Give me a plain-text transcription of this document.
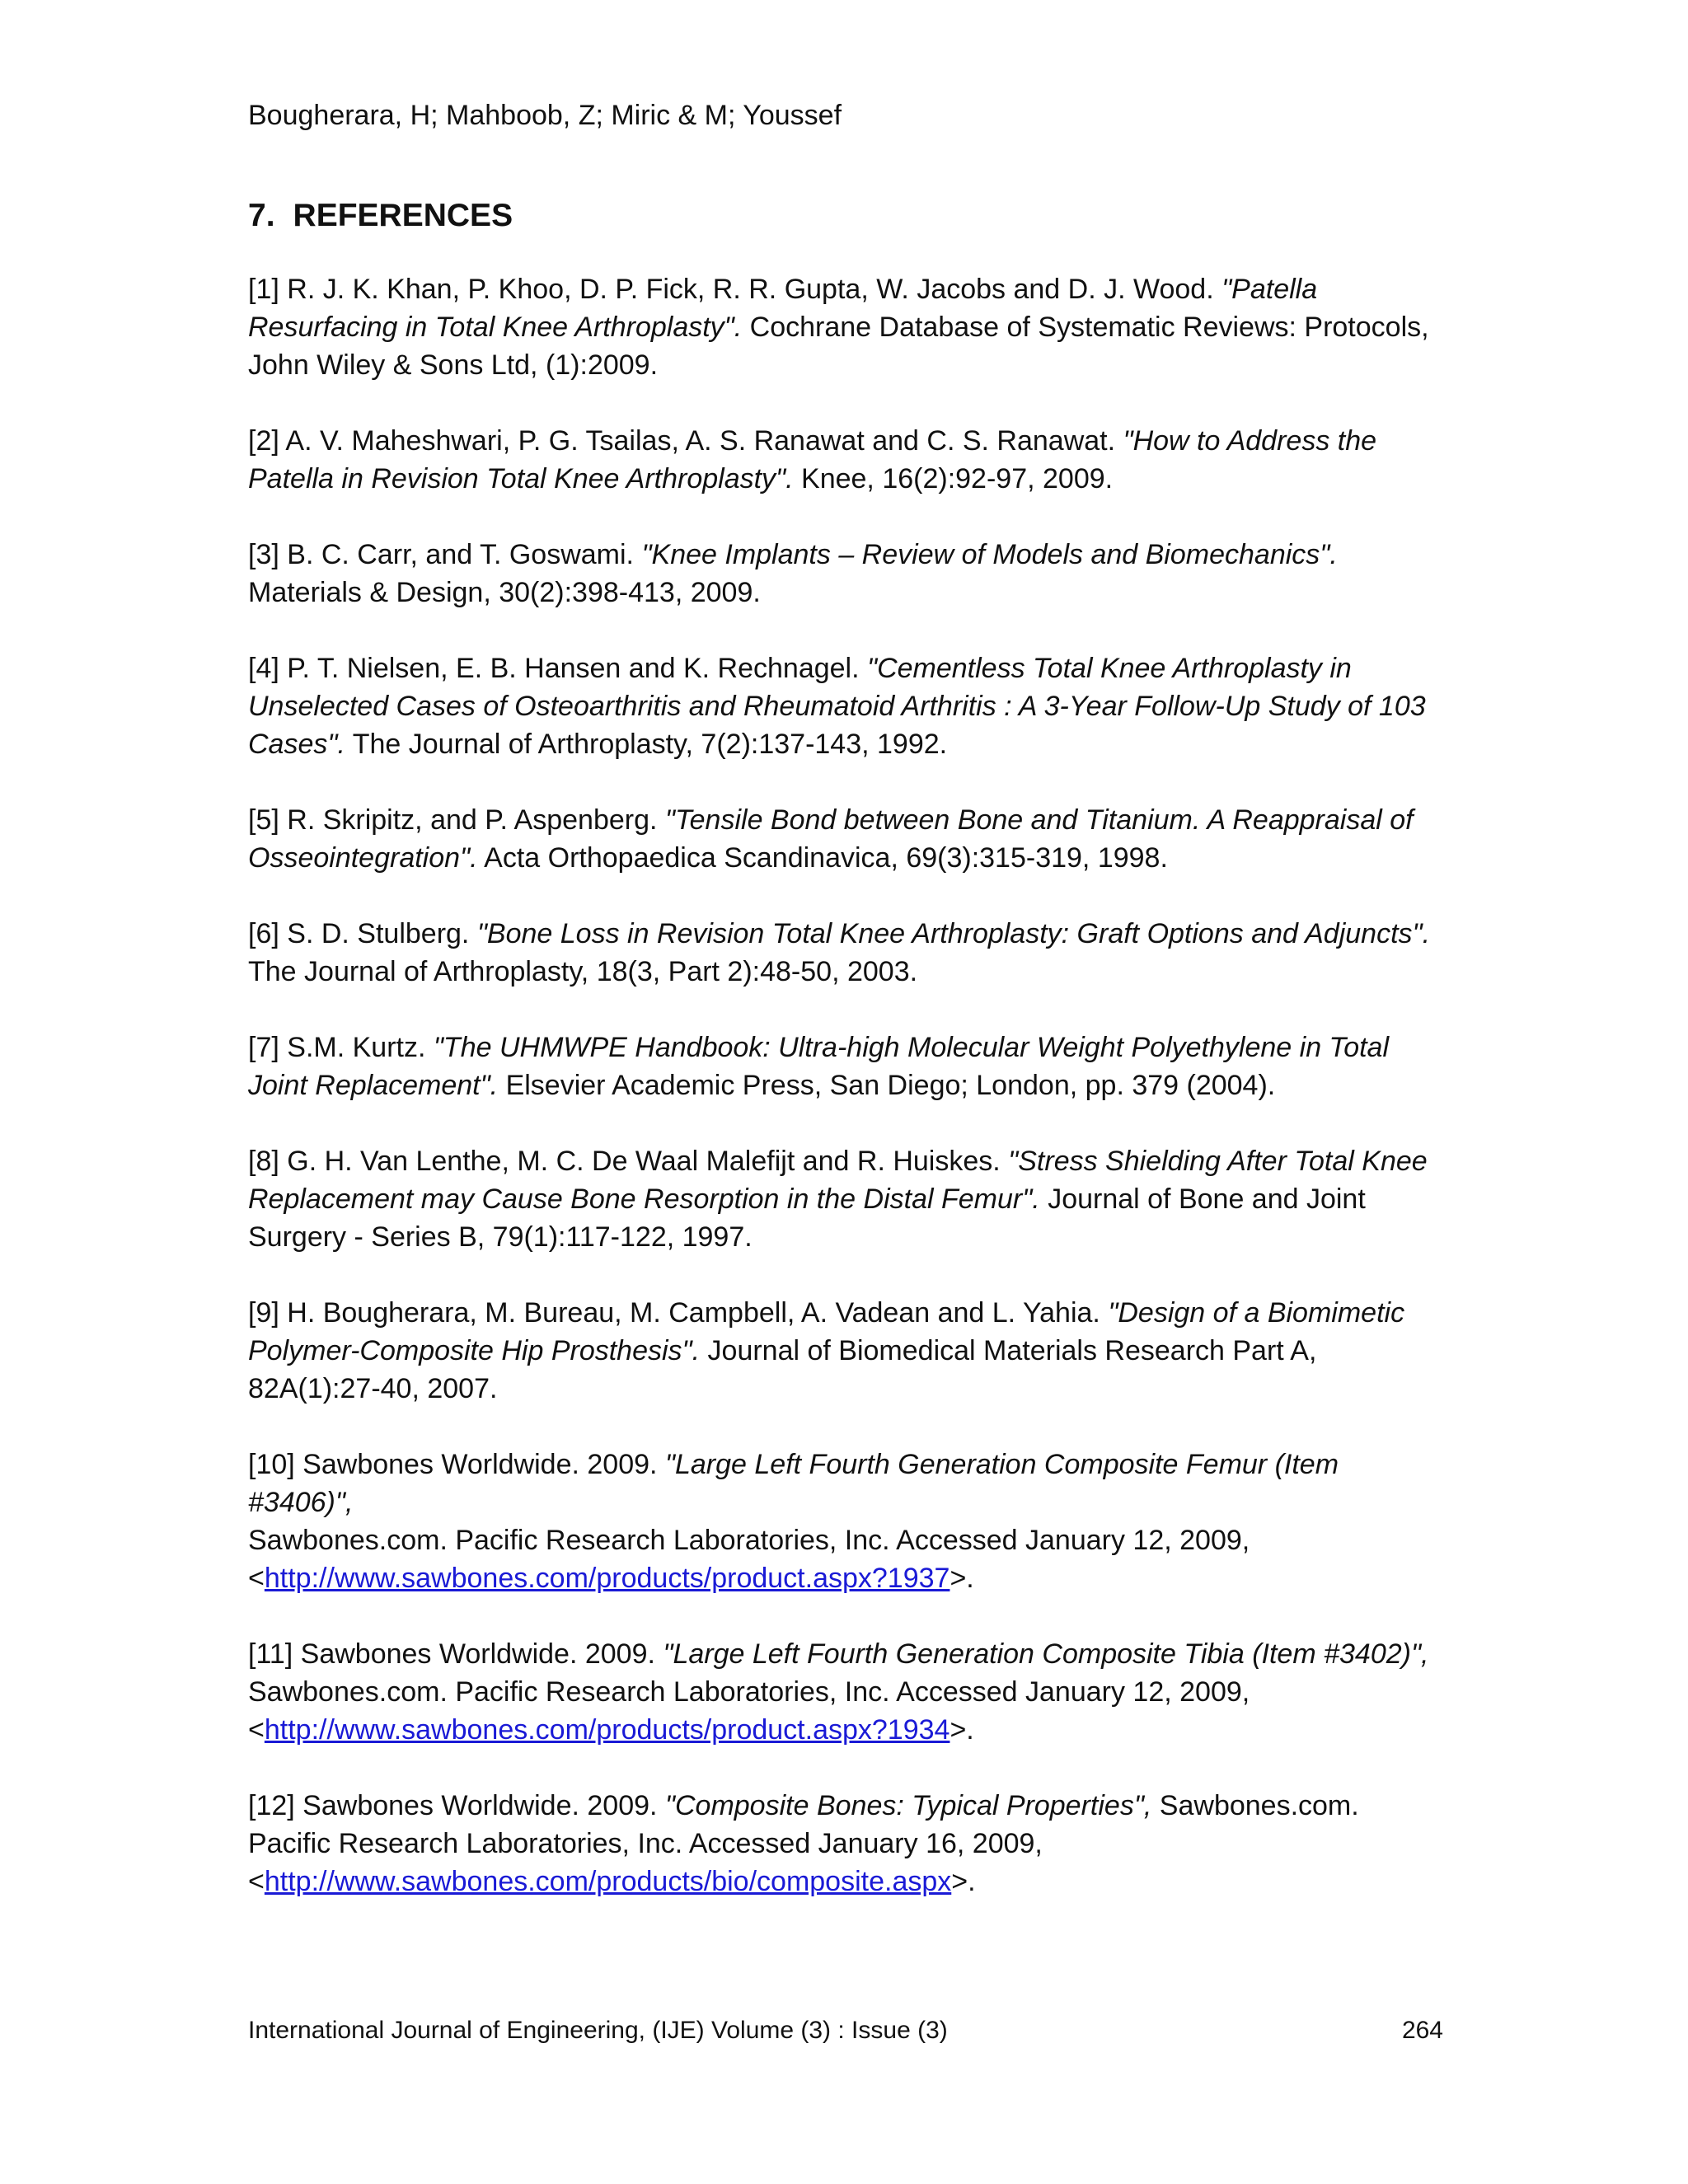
Bougherara, H; Mahboob, Z; Miric & M; Youssef
7. REFERENCES
[1] R. J. K. Khan, P. Khoo, D. P. Fick, R. R. Gupta, W. Jacobs and D. J. Wood. "Patella Resurfacing in Total Knee Arthroplasty". Cochrane Database of Systematic Reviews: Protocols, John Wiley & Sons Ltd, (1):2009.
[2] A. V. Maheshwari, P. G. Tsailas, A. S. Ranawat and C. S. Ranawat. "How to Address the Patella in Revision Total Knee Arthroplasty". Knee, 16(2):92-97, 2009.
[3] B. C. Carr, and T. Goswami. "Knee Implants – Review of Models and Biomechanics".
Materials & Design, 30(2):398-413, 2009.
[4] P. T. Nielsen, E. B. Hansen and K. Rechnagel. "Cementless Total Knee Arthroplasty in Unselected Cases of Osteoarthritis and Rheumatoid Arthritis : A 3-Year Follow-Up Study of 103 Cases". The Journal of Arthroplasty, 7(2):137-143, 1992.
[5] R. Skripitz, and P. Aspenberg. "Tensile Bond between Bone and Titanium. A Reappraisal of Osseointegration". Acta Orthopaedica Scandinavica, 69(3):315-319, 1998.
[6] S. D. Stulberg. "Bone Loss in Revision Total Knee Arthroplasty: Graft Options and Adjuncts".
The Journal of Arthroplasty, 18(3, Part 2):48-50, 2003.
[7] S.M. Kurtz. "The UHMWPE Handbook: Ultra-high Molecular Weight Polyethylene in Total Joint Replacement". Elsevier Academic Press, San Diego; London, pp. 379 (2004).
[8] G. H. Van Lenthe, M. C. De Waal Malefijt and R. Huiskes. "Stress Shielding After Total Knee Replacement may Cause Bone Resorption in the Distal Femur". Journal of Bone and Joint Surgery - Series B, 79(1):117-122, 1997.
[9] H. Bougherara, M. Bureau, M. Campbell, A. Vadean and L. Yahia. "Design of a Biomimetic Polymer-Composite Hip Prosthesis". Journal of Biomedical Materials Research Part A, 82A(1):27-40, 2007.
[10] Sawbones Worldwide. 2009. "Large Left Fourth Generation Composite Femur (Item #3406)",
Sawbones.com. Pacific Research Laboratories, Inc. Accessed January 12, 2009,
<http://www.sawbones.com/products/product.aspx?1937>.
[11] Sawbones Worldwide. 2009. "Large Left Fourth Generation Composite Tibia (Item #3402)",
Sawbones.com. Pacific Research Laboratories, Inc. Accessed January 12, 2009,
<http://www.sawbones.com/products/product.aspx?1934>.
[12] Sawbones Worldwide. 2009. "Composite Bones: Typical Properties", Sawbones.com. Pacific Research Laboratories, Inc. Accessed January 16, 2009,
<http://www.sawbones.com/products/bio/composite.aspx>.
International Journal of Engineering, (IJE) Volume (3) : Issue (3)	264
